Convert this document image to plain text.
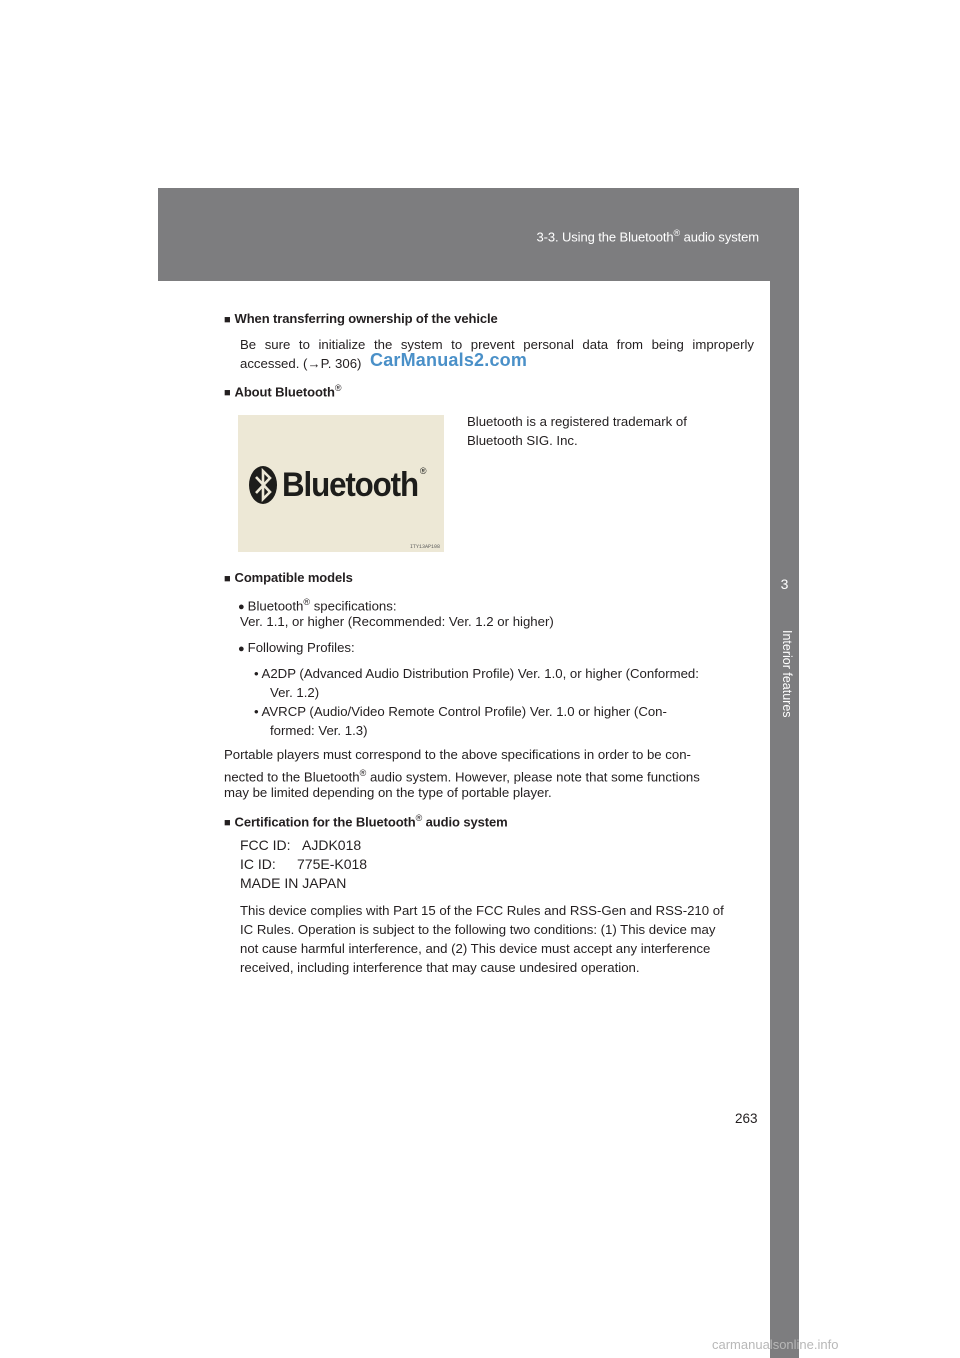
3-3. Using the Bluetooth® audio system
3
Interior features
CarManuals2.com
■ When transferring ownership of the vehicle
Be sure to initialize the system to prevent personal data from being improperly
accessed. (→P. 306)
■ About Bluetooth®
■ Compatible models
● Bluetooth® specifications:
Ver. 1.1, or higher (Recommended: Ver. 1.2 or higher)
● Following Profiles:
• A2DP (Advanced Audio Distribution Profile) Ver. 1.0, or higher (Conformed:
Ver. 1.2)
• AVRCP (Audio/Video Remote Control Profile) Ver. 1.0 or higher (Con-
formed: Ver. 1.3)
Portable players must correspond to the above specifications in order to be con-
nected to the Bluetooth® audio system. However, please note that some functions
may be limited depending on the type of portable player.
■ Certification for the Bluetooth® audio system
FCC ID: AJDK018
IC ID: 775E-K018
MADE IN JAPAN
This device complies with Part 15 of the FCC Rules and RSS-Gen and RSS-210 of
IC Rules. Operation is subject to the following two conditions: (1) This device may
not cause harmful interference, and (2) This device must accept any interference
received, including interference that may cause undesired operation.
Bluetooth ®
ITY13AP108
Bluetooth is a registered trademark of
Bluetooth SIG. Inc.
263
carmanualsonline.info
